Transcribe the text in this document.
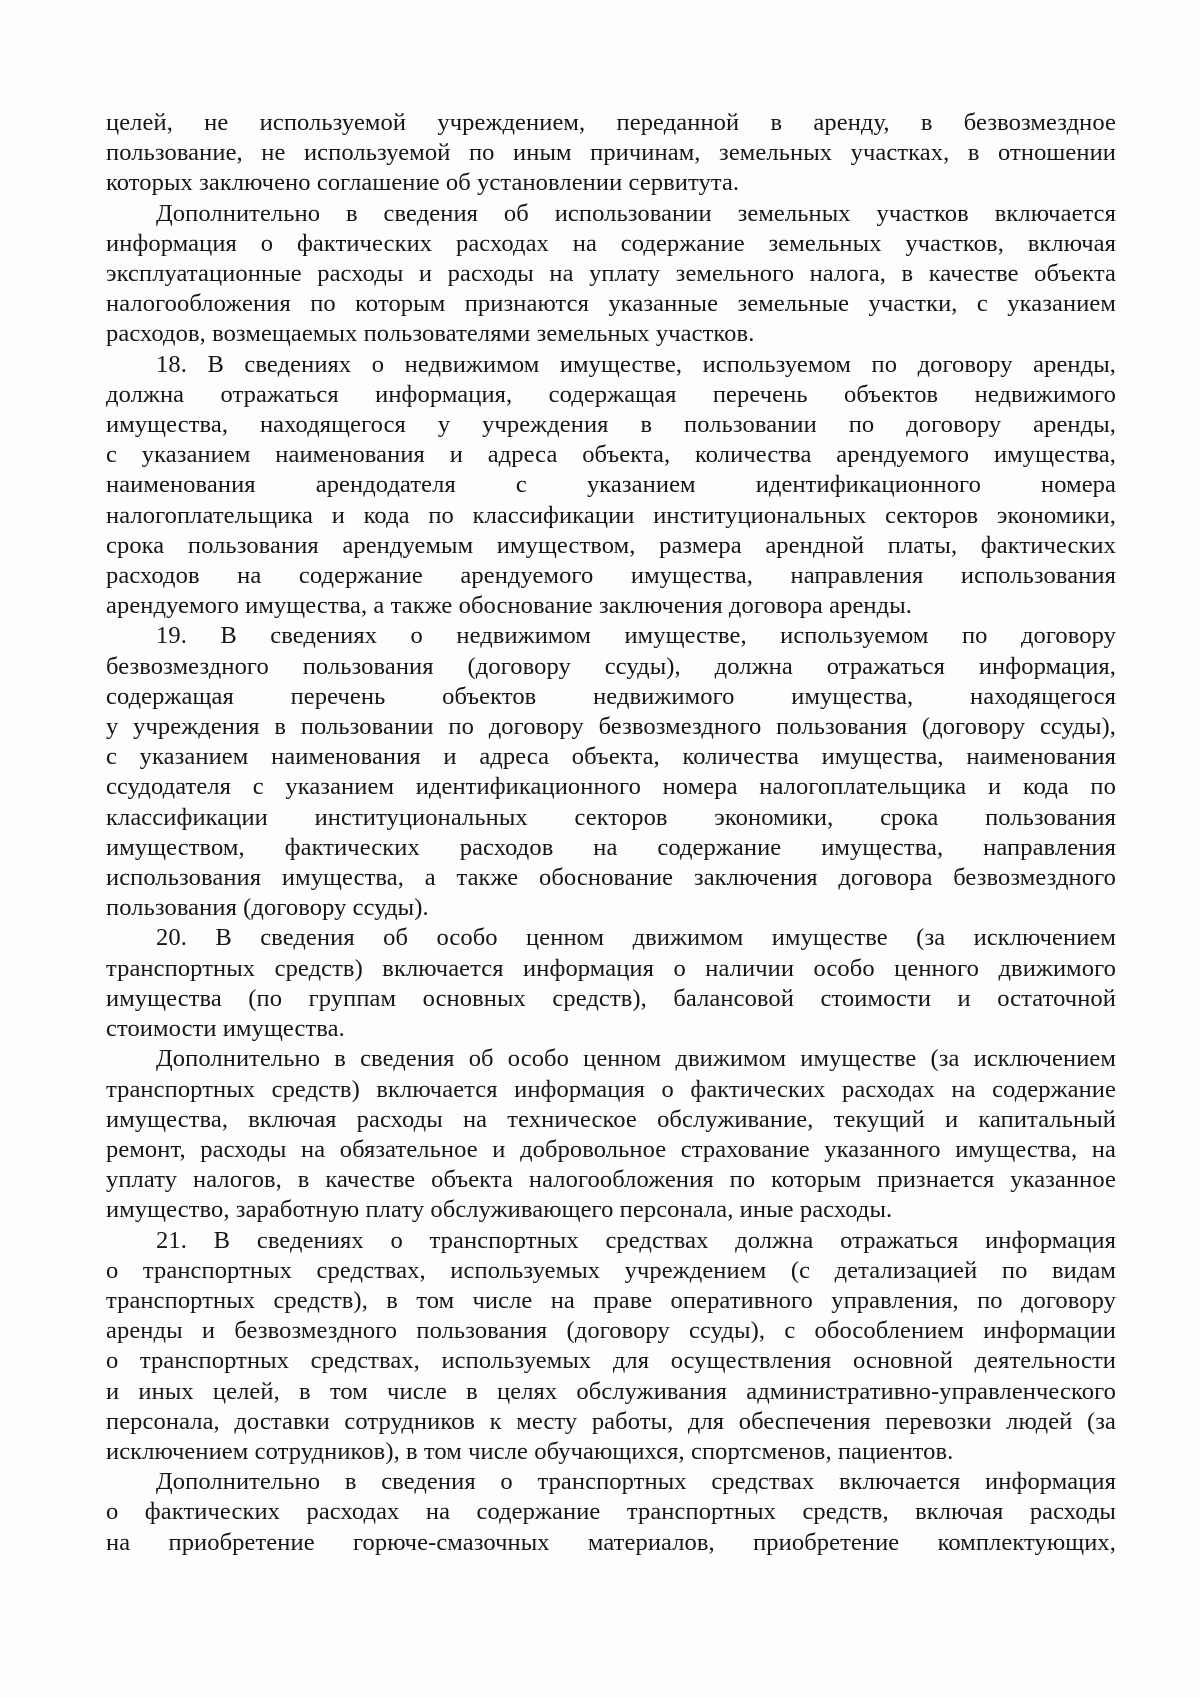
целей, не используемой учреждением, переданной в аренду, в безвозмездное
пользование, не используемой по иным причинам, земельных участках, в отношении
которых заключено соглашение об установлении сервитута.
Дополнительно в сведения об использовании земельных участков включается
информация о фактических расходах на содержание земельных участков, включая
эксплуатационные расходы и расходы на уплату земельного налога, в качестве объекта
налогообложения по которым признаются указанные земельные участки, с указанием
расходов, возмещаемых пользователями земельных участков.
18. В сведениях о недвижимом имуществе, используемом по договору аренды,
должна отражаться информация, содержащая перечень объектов недвижимого
имущества, находящегося у учреждения в пользовании по договору аренды,
с указанием наименования и адреса объекта, количества арендуемого имущества,
наименования арендодателя с указанием идентификационного номера
налогоплательщика и кода по классификации институциональных секторов экономики,
срока пользования арендуемым имуществом, размера арендной платы, фактических
расходов на содержание арендуемого имущества, направления использования
арендуемого имущества, а также обоснование заключения договора аренды.
19. В сведениях о недвижимом имуществе, используемом по договору
безвозмездного пользования (договору ссуды), должна отражаться информация,
содержащая перечень объектов недвижимого имущества, находящегося
у учреждения в пользовании по договору безвозмездного пользования (договору ссуды),
с указанием наименования и адреса объекта, количества имущества, наименования
ссудодателя с указанием идентификационного номера налогоплательщика и кода по
классификации институциональных секторов экономики, срока пользования
имуществом, фактических расходов на содержание имущества, направления
использования имущества, а также обоснование заключения договора безвозмездного
пользования (договору ссуды).
20. В сведения об особо ценном движимом имуществе (за исключением
транспортных средств) включается информация о наличии особо ценного движимого
имущества (по группам основных средств), балансовой стоимости и остаточной
стоимости имущества.
Дополнительно в сведения об особо ценном движимом имуществе (за исключением
транспортных средств) включается информация о фактических расходах на содержание
имущества, включая расходы на техническое обслуживание, текущий и капитальный
ремонт, расходы на обязательное и добровольное страхование указанного имущества, на
уплату налогов, в качестве объекта налогообложения по которым признается указанное
имущество, заработную плату обслуживающего персонала, иные расходы.
21. В сведениях о транспортных средствах должна отражаться информация
о транспортных средствах, используемых учреждением (с детализацией по видам
транспортных средств), в том числе на праве оперативного управления, по договору
аренды и безвозмездного пользования (договору ссуды), с обособлением информации
о транспортных средствах, используемых для осуществления основной деятельности
и иных целей, в том числе в целях обслуживания административно-управленческого
персонала, доставки сотрудников к месту работы, для обеспечения перевозки людей (за
исключением сотрудников), в том числе обучающихся, спортсменов, пациентов.
Дополнительно в сведения о транспортных средствах включается информация
о фактических расходах на содержание транспортных средств, включая расходы
на приобретение горюче-смазочных материалов, приобретение комплектующих,
